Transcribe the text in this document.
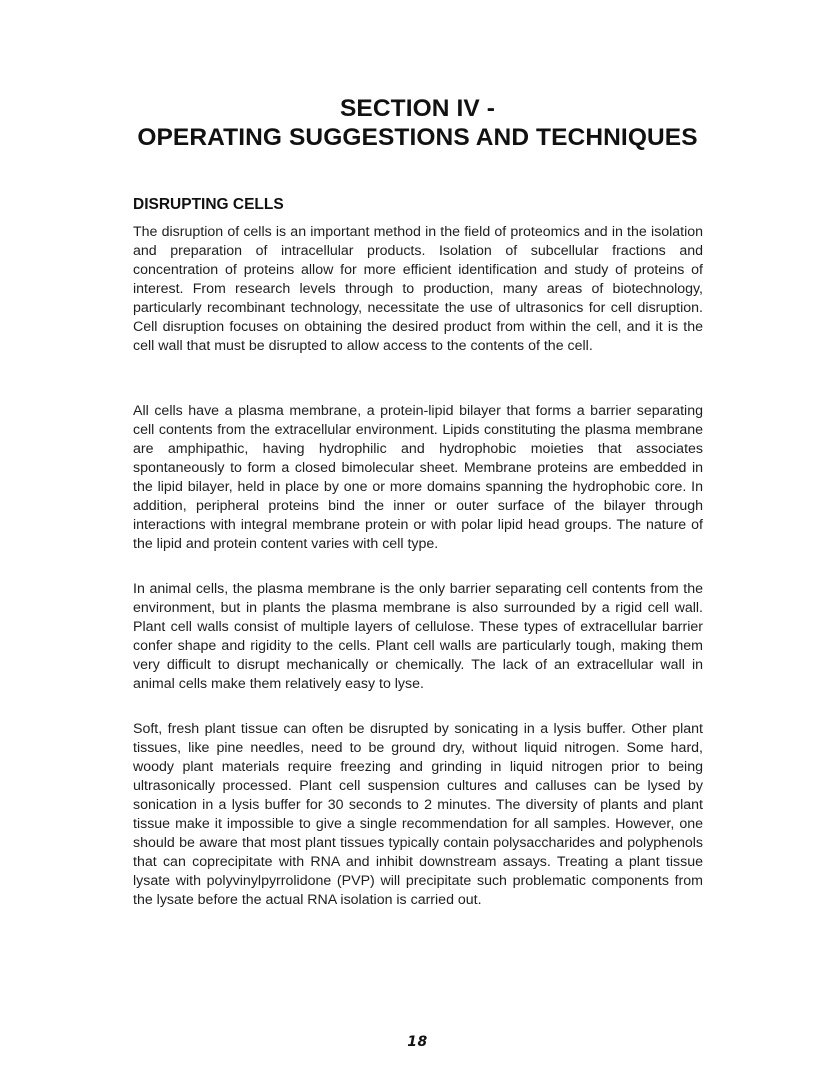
SECTION IV -
OPERATING SUGGESTIONS AND TECHNIQUES
DISRUPTING CELLS

The disruption of cells is an important method in the field of proteomics and in the isolation and preparation of intracellular products. Isolation of subcellular fractions and concentration of proteins allow for more efficient identification and study of proteins of interest. From research levels through to production, many areas of biotechnology, particularly recombinant technology, necessitate the use of ultrasonics for cell disruption. Cell disruption focuses on obtaining the desired product from within the cell, and it is the cell wall that must be disrupted to allow access to the contents of the cell.

All cells have a plasma membrane, a protein-lipid bilayer that forms a barrier separating cell contents from the extracellular environment. Lipids constituting the plasma membrane are amphipathic, having hydrophilic and hydrophobic moieties that associates spontaneously to form a closed bimolecular sheet. Membrane proteins are embedded in the lipid bilayer, held in place by one or more domains spanning the hydrophobic core. In addition, peripheral proteins bind the inner or outer surface of the bilayer through interactions with integral membrane protein or with polar lipid head groups. The nature of the lipid and protein content varies with cell type.

In animal cells, the plasma membrane is the only barrier separating cell contents from the environment, but in plants the plasma membrane is also surrounded by a rigid cell wall. Plant cell walls consist of multiple layers of cellulose. These types of extracellular barrier confer shape and rigidity to the cells. Plant cell walls are particularly tough, making them very difficult to disrupt mechanically or chemically. The lack of an extracellular wall in animal cells make them relatively easy to lyse.

Soft, fresh plant tissue can often be disrupted by sonicating in a lysis buffer. Other plant tissues, like pine needles, need to be ground dry, without liquid nitrogen. Some hard, woody plant materials require freezing and grinding in liquid nitrogen prior to being ultrasonically processed. Plant cell suspension cultures and calluses can be lysed by sonication in a lysis buffer for 30 seconds to 2 minutes. The diversity of plants and plant tissue make it impossible to give a single recommendation for all samples. However, one should be aware that most plant tissues typically contain polysaccharides and polyphenols that can coprecipitate with RNA and inhibit downstream assays. Treating a plant tissue lysate with polyvinylpyrrolidone (PVP) will precipitate such problematic components from the lysate before the actual RNA isolation is carried out.

18
